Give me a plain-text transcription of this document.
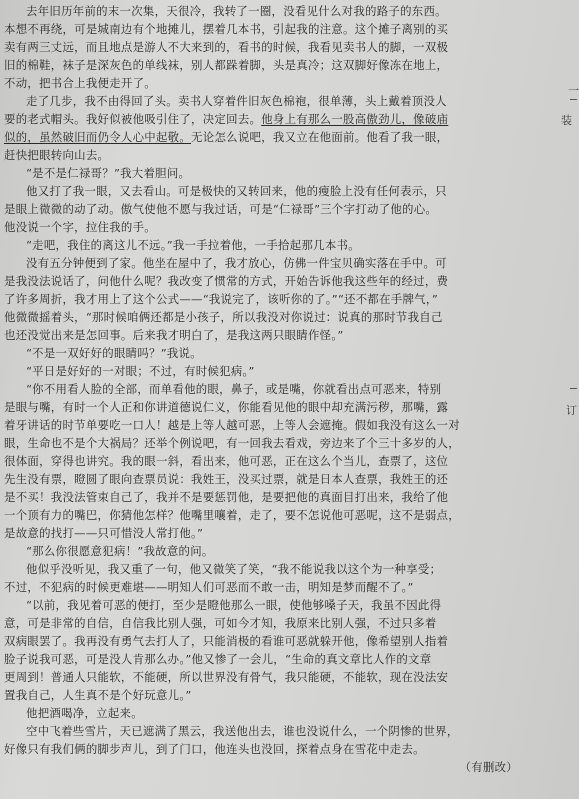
去年旧历年前的末一次集，天很冷，我转了一圈，没看见什么对我的路子的东西。
本想不再绕，可是城南边有个地摊儿，摆着几本书，引起我的注意。这个摊子离别的买
卖有两三丈远，而且地点是游人不大来到的，看书的时候，我看见卖书人的脚，一双极
旧的棉鞋，袜子是深灰色的单线袜，别人都跺着脚，头是真冷；这双脚好像冻在地上，
不动，把书合上我便走开了。
走了几步，我不由得回了头。卖书人穿着件旧灰色棉袍，很单薄，头上戴着顶没人
要的老式帽头。我好似被他吸引住了，决定回去。他身上有那么一股高傲劲儿，像破庙
似的，虽然破旧而仍令人心中起敬。无论怎么说吧，我又立在他面前。他看了我一眼，
赶快把眼转向山去。
“是不是仁禄哥？”我大着胆问。
他又打了我一眼，又去看山。可是极快的又转回来，他的瘦脸上没有任何表示，只
是眼上微微的动了动。傲气使他不愿与我过话，可是“仁禄哥”三个字打动了他的心。
他没说一个字，拉住我的手。
“走吧，我住的离这儿不远。”我一手拉着他，一手拾起那几本书。
没有五分钟便到了家。他坐在屋中了，我才放心，仿佛一件宝贝确实落在手中。可
是我没法说话了，问他什么呢？我改变了惯常的方式，开始告诉他我这些年的经过，费
了许多周折，我才用上了这个公式——“我说完了，该听你的了。”“还不都在手牌气，”
他微微摇着头，“那时候咱俩还都是小孩子，所以我没对你说过：说真的那时节我自己
也还没觉出来是怎回事。后来我才明白了，是我这两只眼睛作怪。”
“不是一双好好的眼睛吗？”我说。
“平日是好好的一对眼；不过，有时候犯病。”
“你不用看人脸的全部，而单看他的眼，鼻子，或是嘴，你就看出点可恶来，特别
是眼与嘴，有时一个人正和你讲道德说仁义，你能看见他的眼中却充满污秽，那嘴，露
着牙讲话的时节单要吃一口人！越是上等人越可恶，上等人会遮掩。假如我没有这么一对
眼，生命也不是个大祸局？还举个例说吧，有一回我去看戏，旁边来了个三十多岁的人，
很体面，穿得也讲究。我的眼一斜，看出来，他可恶，正在这么个当儿，查票了，这位
先生没有票，瞪圆了眼向查票员说：我姓王，没买过票，就是日本人查票，我姓王的还
是不买！我没法管束自己了，我并不是要惩罚他，是要把他的真面目打出来，我给了他
一个顶有力的嘴巴，你猜他怎样？他嘴里嚷着，走了，要不怎说他可恶呢，这不是弱点，
是故意的找打——只可惜没人常打他。”
“那么你很愿意犯病！”我故意的问。
他似乎没听见，我又重了一句，他又微笑了笑，“我不能说我以这个为一种享受；
不过，不犯病的时候更难堪——明知人们可恶而不敢一击，明知是梦而醒不了。”
“以前，我见着可恶的便打，至少是瞪他那么一眼，使他够嗓子天，我虽不因此得
意，可是非常的自信，自信我比别人强，可如今才知，我原来比别人强，不过只多着
双病眼罢了。我再没有勇气去打人了，只能消极的看谁可恶就躲开他，像希望别人指着
脸子说我可恶，可是没人肯那么办。”他又惨了一会儿，“生命的真文章比人作的文章
更周到！普通人只能软，不能硬，所以世界没有骨气，我只能硬，不能软，现在没法安
置我自己，人生真不是个好玩意儿。”
他把酒喝净，立起来。
空中飞着些雪片，天已遮满了黑云，我送他出去，谁也没说什么，一个阴惨的世界，
好像只有我们俩的脚步声儿，到了门口，他连头也没回，探着点身在雪花中走去。
（有删改）
一
装
订
